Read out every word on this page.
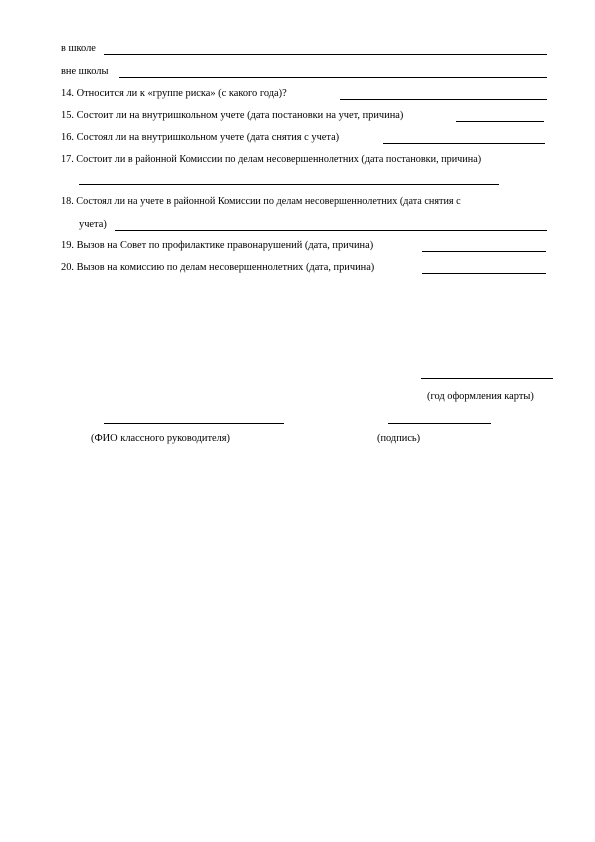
в школе
вне школы
14. Относится ли к «группе риска» (с какого года)?
15. Состоит ли на внутришкольном учете (дата постановки на учет, причина)
16. Состоял ли на внутришкольном учете (дата снятия с учета)
17. Состоит ли в районной Комиссии по делам несовершеннолетних (дата постановки, причина)
18. Состоял ли на учете в районной Комиссии по делам несовершеннолетних (дата снятия с
учета)
19. Вызов на Совет по профилактике правонарушений (дата, причина)
20. Вызов на комиссию по делам несовершеннолетних (дата, причина)
(год оформления карты)
(ФИО классного руководителя)	(подпись)
